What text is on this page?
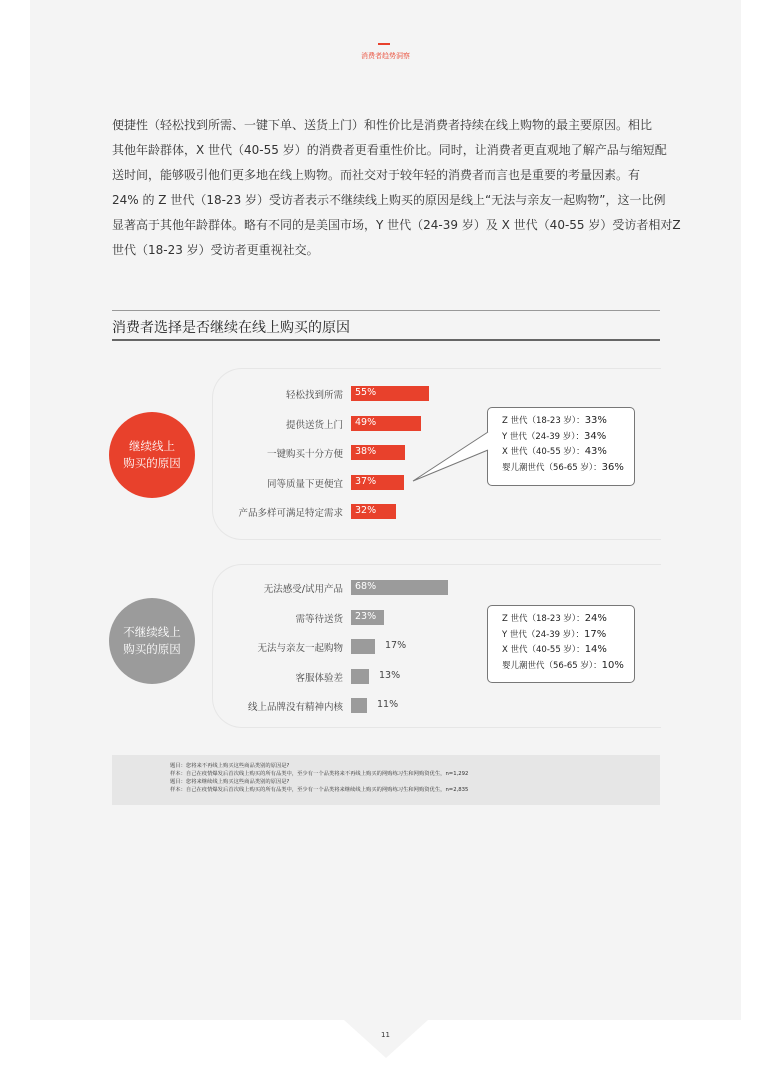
消费者趋势洞察
便捷性（轻松找到所需、一键下单、送货上门）和性价比是消费者持续在线上购物的最主要原因。相比
其他年龄群体，X 世代（40-55 岁）的消费者更看重性价比。同时，让消费者更直观地了解产品与缩短配
送时间，能够吸引他们更多地在线上购物。而社交对于较年轻的消费者而言也是重要的考量因素。有
24% 的 Z 世代（18-23 岁）受访者表示不继续线上购买的原因是线上“无法与亲友一起购物”，这一比例
显著高于其他年龄群体。略有不同的是美国市场，Y 世代（24-39 岁）及 X 世代（40-55 岁）受访者相对Z
世代（18-23 岁）受访者更重视社交。
消费者选择是否继续在线上购买的原因
继续线上
购买的原因
轻松找到所需 55%
提供送货上门 49%
一键购买十分方便 38%
同等质量下更便宜 37%
产品多样可满足特定需求 32%
Z 世代（18-23 岁）：33%
Y 世代（24-39 岁）：34%
X 世代（40-55 岁）：43%
婴儿潮世代（56-65 岁）：36%
不继续线上
购买的原因
无法感受/试用产品 68%
需等待送货 23%
无法与亲友一起购物	17%
客服体验差	13%
线上品牌没有精神内核	11%
Z 世代（18-23 岁）：24%
Y 世代（24-39 岁）：17%
X 世代（40-55 岁）：14%
婴儿潮世代（56-65 岁）：10%
题目：您将来不再线上购买这些商品类别的原因是?
样本：自己在疫情爆发后首次线上购买的所有品类中，至少有一个品类将来不再线上购买的网购练习生和网购资优生，n=1,292
题目：您将来继续线上购买这些商品类别的原因是?
样本：自己在疫情爆发后首次线上购买的所有品类中，至少有一个品类将来继续线上购买的网购练习生和网购资优生，n=2,835
11
